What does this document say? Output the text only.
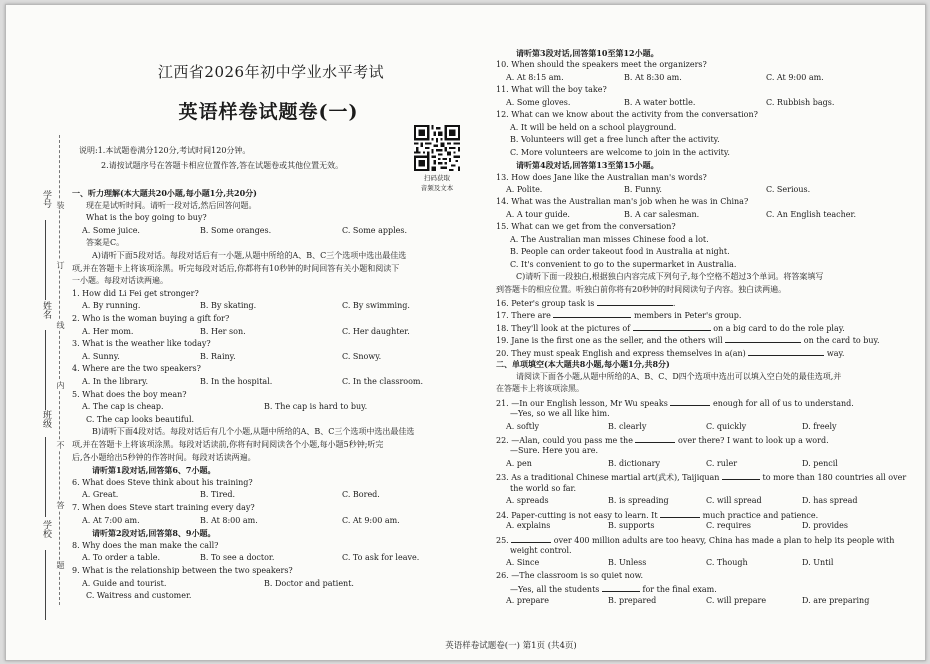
学号
姓名
班级
学校
装
订
线
内
不
答
题
江西省2026年初中学业水平考试
英语样卷试题卷(一)
扫码获取
音频及文本
说明:1.本试题卷满分120分,考试时间120分钟。
2.请按试题序号在答题卡相应位置作答,答在试题卷或其他位置无效。
一、听力理解(本大题共20小题,每小题1分,共20分)
现在是试听时间。请听一段对话,然后回答问题。
What is the boy going to buy?
A. Some juice.	B. Some oranges.	C. Some apples.
答案是C。
A)请听下面5段对话。每段对话后有一小题,从题中所给的A、B、C三个选项中选出最佳选
项,并在答题卡上将该项涂黑。听完每段对话后,你都将有10秒钟的时间回答有关小题和阅读下
一小题。每段对话读两遍。
1. How did Li Fei get stronger?
A. By running.	B. By skating.	C. By swimming.
2. Who is the woman buying a gift for?
A. Her mom.	B. Her son.	C. Her daughter.
3. What is the weather like today?
A. Sunny.	B. Rainy.	C. Snowy.
4. Where are the two speakers?
A. In the library.	B. In the hospital.	C. In the classroom.
5. What does the boy mean?
A. The cap is cheap.	B. The cap is hard to buy.
C. The cap looks beautiful.
B)请听下面4段对话。每段对话后有几个小题,从题中所给的A、B、C三个选项中选出最佳选
项,并在答题卡上将该项涂黑。每段对话读前,你将有时间阅读各个小题,每小题5秒钟;听完
后,各小题给出5秒钟的作答时间。每段对话读两遍。
请听第1段对话,回答第6、7小题。
6. What does Steve think about his training?
A. Great.	B. Tired.	C. Bored.
7. When does Steve start training every day?
A. At 7:00 am.	B. At 8:00 am.	C. At 9:00 am.
请听第2段对话,回答第8、9小题。
8. Why does the man make the call?
A. To order a table.	B. To see a doctor.	C. To ask for leave.
9. What is the relationship between the two speakers?
A. Guide and tourist.	B. Doctor and patient.
C. Waitress and customer.
请听第3段对话,回答第10至第12小题。
10. When should the speakers meet the organizers?
A. At 8:15 am.	B. At 8:30 am.	C. At 9:00 am.
11. What will the boy take?
A. Some gloves.	B. A water bottle.	C. Rubbish bags.
12. What can we know about the activity from the conversation?
A. It will be held on a school playground.
B. Volunteers will get a free lunch after the activity.
C. More volunteers are welcome to join in the activity.
请听第4段对话,回答第13至第15小题。
13. How does Jane like the Australian man's words?
A. Polite.	B. Funny.	C. Serious.
14. What was the Australian man's job when he was in China?
A. A tour guide.	B. A car salesman.	C. An English teacher.
15. What can we get from the conversation?
A. The Australian man misses Chinese food a lot.
B. People can order takeout food in Australia at night.
C. It's convenient to go to the supermarket in Australia.
C)请听下面一段独白,根据独白内容完成下列句子,每个空格不超过3个单词。将答案填写
到答题卡的相应位置。听独白前你将有20秒钟的时间阅读句子内容。独白读两遍。
16. Peter's group task is	.
17. There are	members in Peter's group.
18. They'll look at the pictures of	on a big card to do the role play.
19. Jane is the first one as the seller, and the others will	on the card to buy.
20. They must speak English and express themselves in a(an)	way.
二、单项填空(本大题共8小题,每小题1分,共8分)
请阅读下面各小题,从题中所给的A、B、C、D四个选项中选出可以填入空白处的最佳选项,并
在答题卡上将该项涂黑。
21. —In our English lesson, Mr Wu speaks	enough for all of us to understand.
—Yes, so we all like him.
A. softly	B. clearly	C. quickly	D. freely
22. —Alan, could you pass me the	over there? I want to look up a word.
—Sure. Here you are.
A. pen	B. dictionary	C. ruler	D. pencil
23. As a traditional Chinese martial art(武术), Taijiquan	to more than 180 countries all over
the world so far.
A. spreads	B. is spreading	C. will spread	D. has spread
24. Paper-cutting is not easy to learn. It	much practice and patience.
A. explains	B. supports	C. requires	D. provides
25.	over 400 million adults are too heavy, China has made a plan to help its people with
weight control.
A. Since	B. Unless	C. Though	D. Until
26. —The classroom is so quiet now.
—Yes, all the students	for the final exam.
A. prepare	B. prepared	C. will prepare	D. are preparing
英语样卷试题卷(一) 第1页 (共4页)
